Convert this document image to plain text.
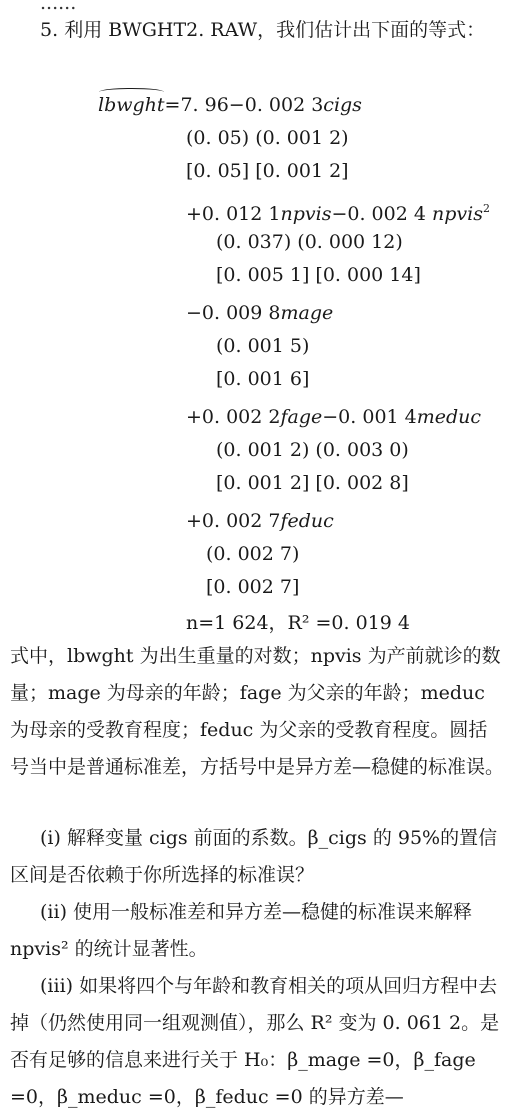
......

5. 利用 BWGHT2. RAW，我们估计出下面的等式：

lbwght=7. 96−0. 002 3cigs
(0. 05) (0. 001 2)
[0. 05] [0. 001 2]
+0. 012 1npvis−0. 002 4 npvis$^2$
(0. 037) (0. 000 12)
[0. 005 1] [0. 000 14]
−0. 009 8mage
(0. 001 5)
[0. 001 6]
+0. 002 2fage−0. 001 4meduc
(0. 001 2) (0. 003 0)
[0. 001 2] [0. 002 8]
+0. 002 7feduc
(0. 002 7)
[0. 002 7]
n=1 624，R² =0. 019 4

式中，lbwght 为出生重量的对数；npvis 为产前就诊的数量；mage 为母亲的年龄；fage 为父亲的年龄；meduc 为母亲的受教育程度；feduc 为父亲的受教育程度。圆括号当中是普通标准差，方括号中是异方差—稳健的标准误。

(i) 解释变量 cigs 前面的系数。β_cigs 的 95%的置信区间是否依赖于你所选择的标准误？

(ii) 使用一般标准差和异方差—稳健的标准误来解释 npvis² 的统计显著性。

(iii) 如果将四个与年龄和教育相关的项从回归方程中去掉（仍然使用同一组观测值），那么 R² 变为 0. 061 2。是否有足够的信息来进行关于 H₀：β_mage =0，β_fage =0，β_meduc =0，β_feduc =0 的异方差—
